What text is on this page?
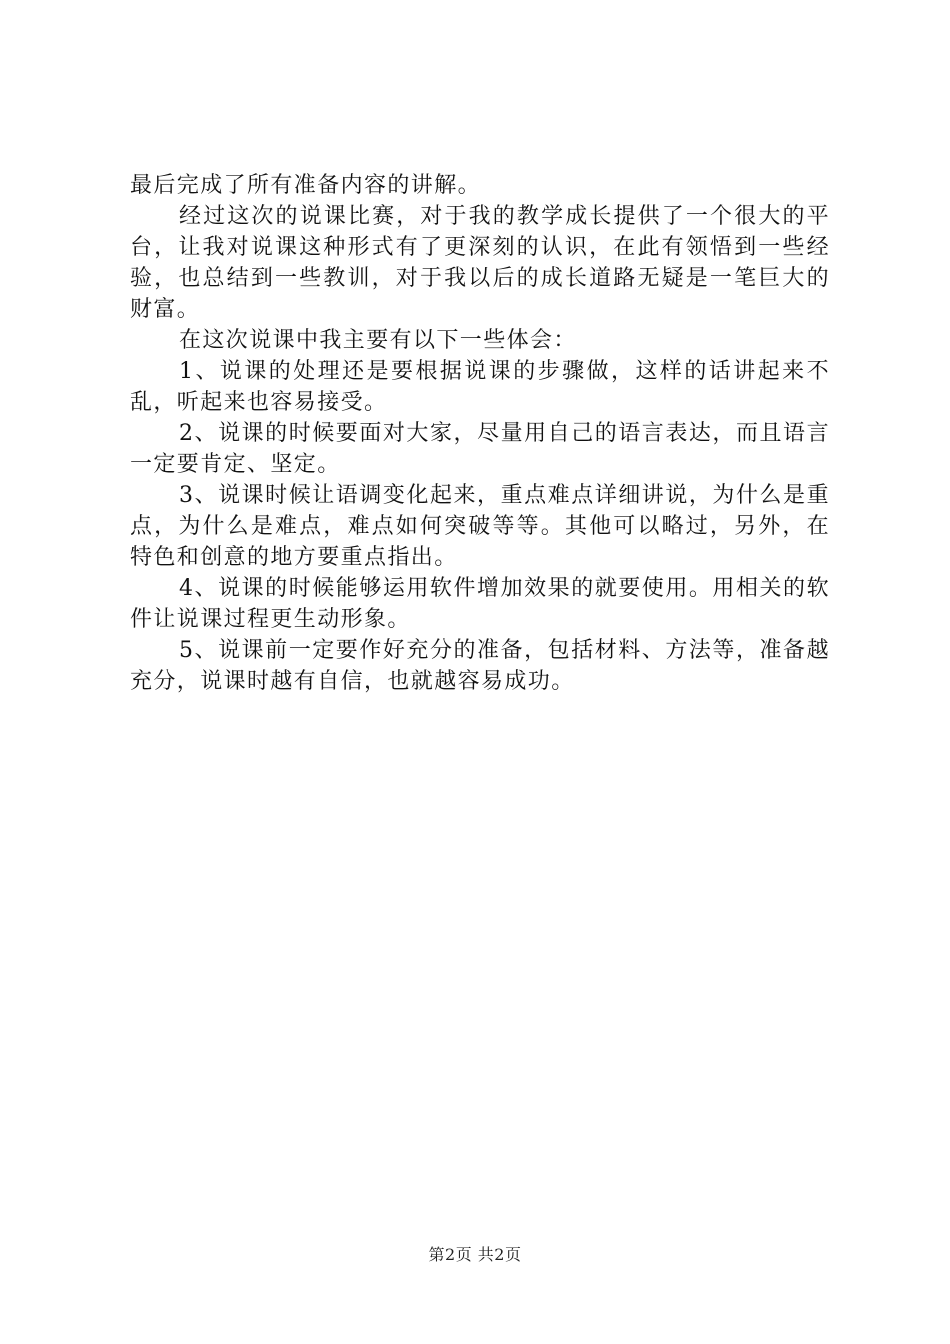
最后完成了所有准备内容的讲解。

经过这次的说课比赛，对于我的教学成长提供了一个很大的平台，让我对说课这种形式有了更深刻的认识，在此有领悟到一些经验，也总结到一些教训，对于我以后的成长道路无疑是一笔巨大的财富。

在这次说课中我主要有以下一些体会：

1、说课的处理还是要根据说课的步骤做，这样的话讲起来不乱，听起来也容易接受。

2、说课的时候要面对大家，尽量用自己的语言表达，而且语言一定要肯定、坚定。

3、说课时候让语调变化起来，重点难点详细讲说，为什么是重点，为什么是难点，难点如何突破等等。其他可以略过，另外，在特色和创意的地方要重点指出。

4、说课的时候能够运用软件增加效果的就要使用。用相关的软件让说课过程更生动形象。

5、说课前一定要作好充分的准备，包括材料、方法等，准备越充分，说课时越有自信，也就越容易成功。

第2页 共2页
